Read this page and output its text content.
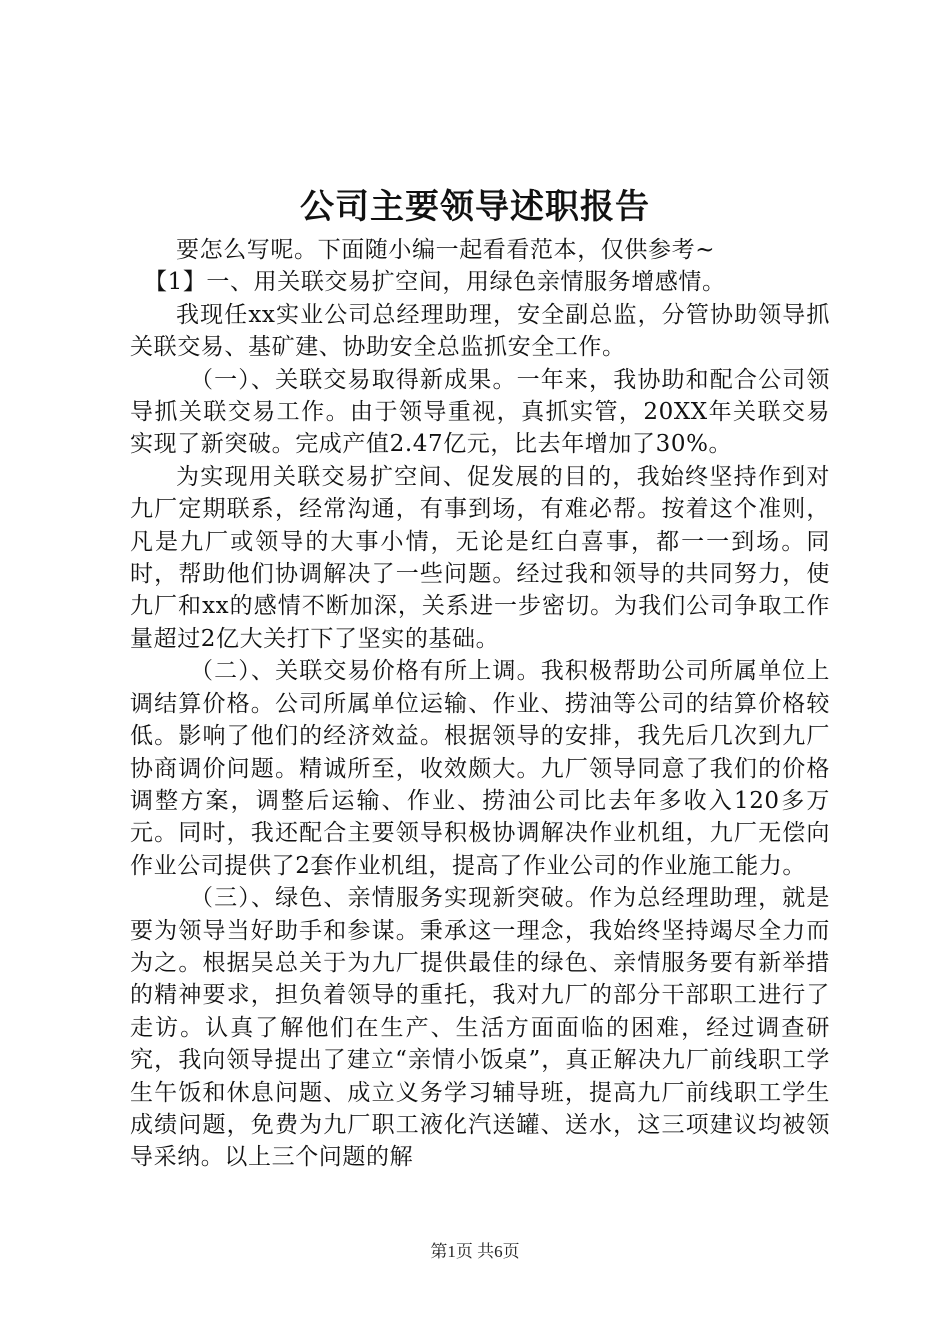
公司主要领导述职报告

要怎么写呢。下面随小编一起看看范本，仅供参考~

【1】一、用关联交易扩空间，用绿色亲情服务增感情。

我现任xx实业公司总经理助理，安全副总监，分管协助领导抓关联交易、基矿建、协助安全总监抓安全工作。

（一）、关联交易取得新成果。一年来，我协助和配合公司领导抓关联交易工作。由于领导重视，真抓实管，20XX年关联交易实现了新突破。完成产值2.47亿元，比去年增加了30%。

为实现用关联交易扩空间、促发展的目的，我始终坚持作到对九厂定期联系，经常沟通，有事到场，有难必帮。按着这个准则，凡是九厂或领导的大事小情，无论是红白喜事，都一一到场。同时，帮助他们协调解决了一些问题。经过我和领导的共同努力，使九厂和xx的感情不断加深，关系进一步密切。为我们公司争取工作量超过2亿大关打下了坚实的基础。

（二）、关联交易价格有所上调。我积极帮助公司所属单位上调结算价格。公司所属单位运输、作业、捞油等公司的结算价格较低。影响了他们的经济效益。根据领导的安排，我先后几次到九厂协商调价问题。精诚所至，收效颇大。九厂领导同意了我们的价格调整方案，调整后运输、作业、捞油公司比去年多收入120多万元。同时，我还配合主要领导积极协调解决作业机组，九厂无偿向作业公司提供了2套作业机组，提高了作业公司的作业施工能力。

（三）、绿色、亲情服务实现新突破。作为总经理助理，就是要为领导当好助手和参谋。秉承这一理念，我始终坚持竭尽全力而为之。根据吴总关于为九厂提供最佳的绿色、亲情服务要有新举措的精神要求，担负着领导的重托，我对九厂的部分干部职工进行了走访。认真了解他们在生产、生活方面面临的困难，经过调查研究，我向领导提出了建立“亲情小饭桌”，真正解决九厂前线职工学生午饭和休息问题、成立义务学习辅导班，提高九厂前线职工学生成绩问题，免费为九厂职工液化汽送罐、送水，这三项建议均被领导采纳。以上三个问题的解

第1页 共6页
